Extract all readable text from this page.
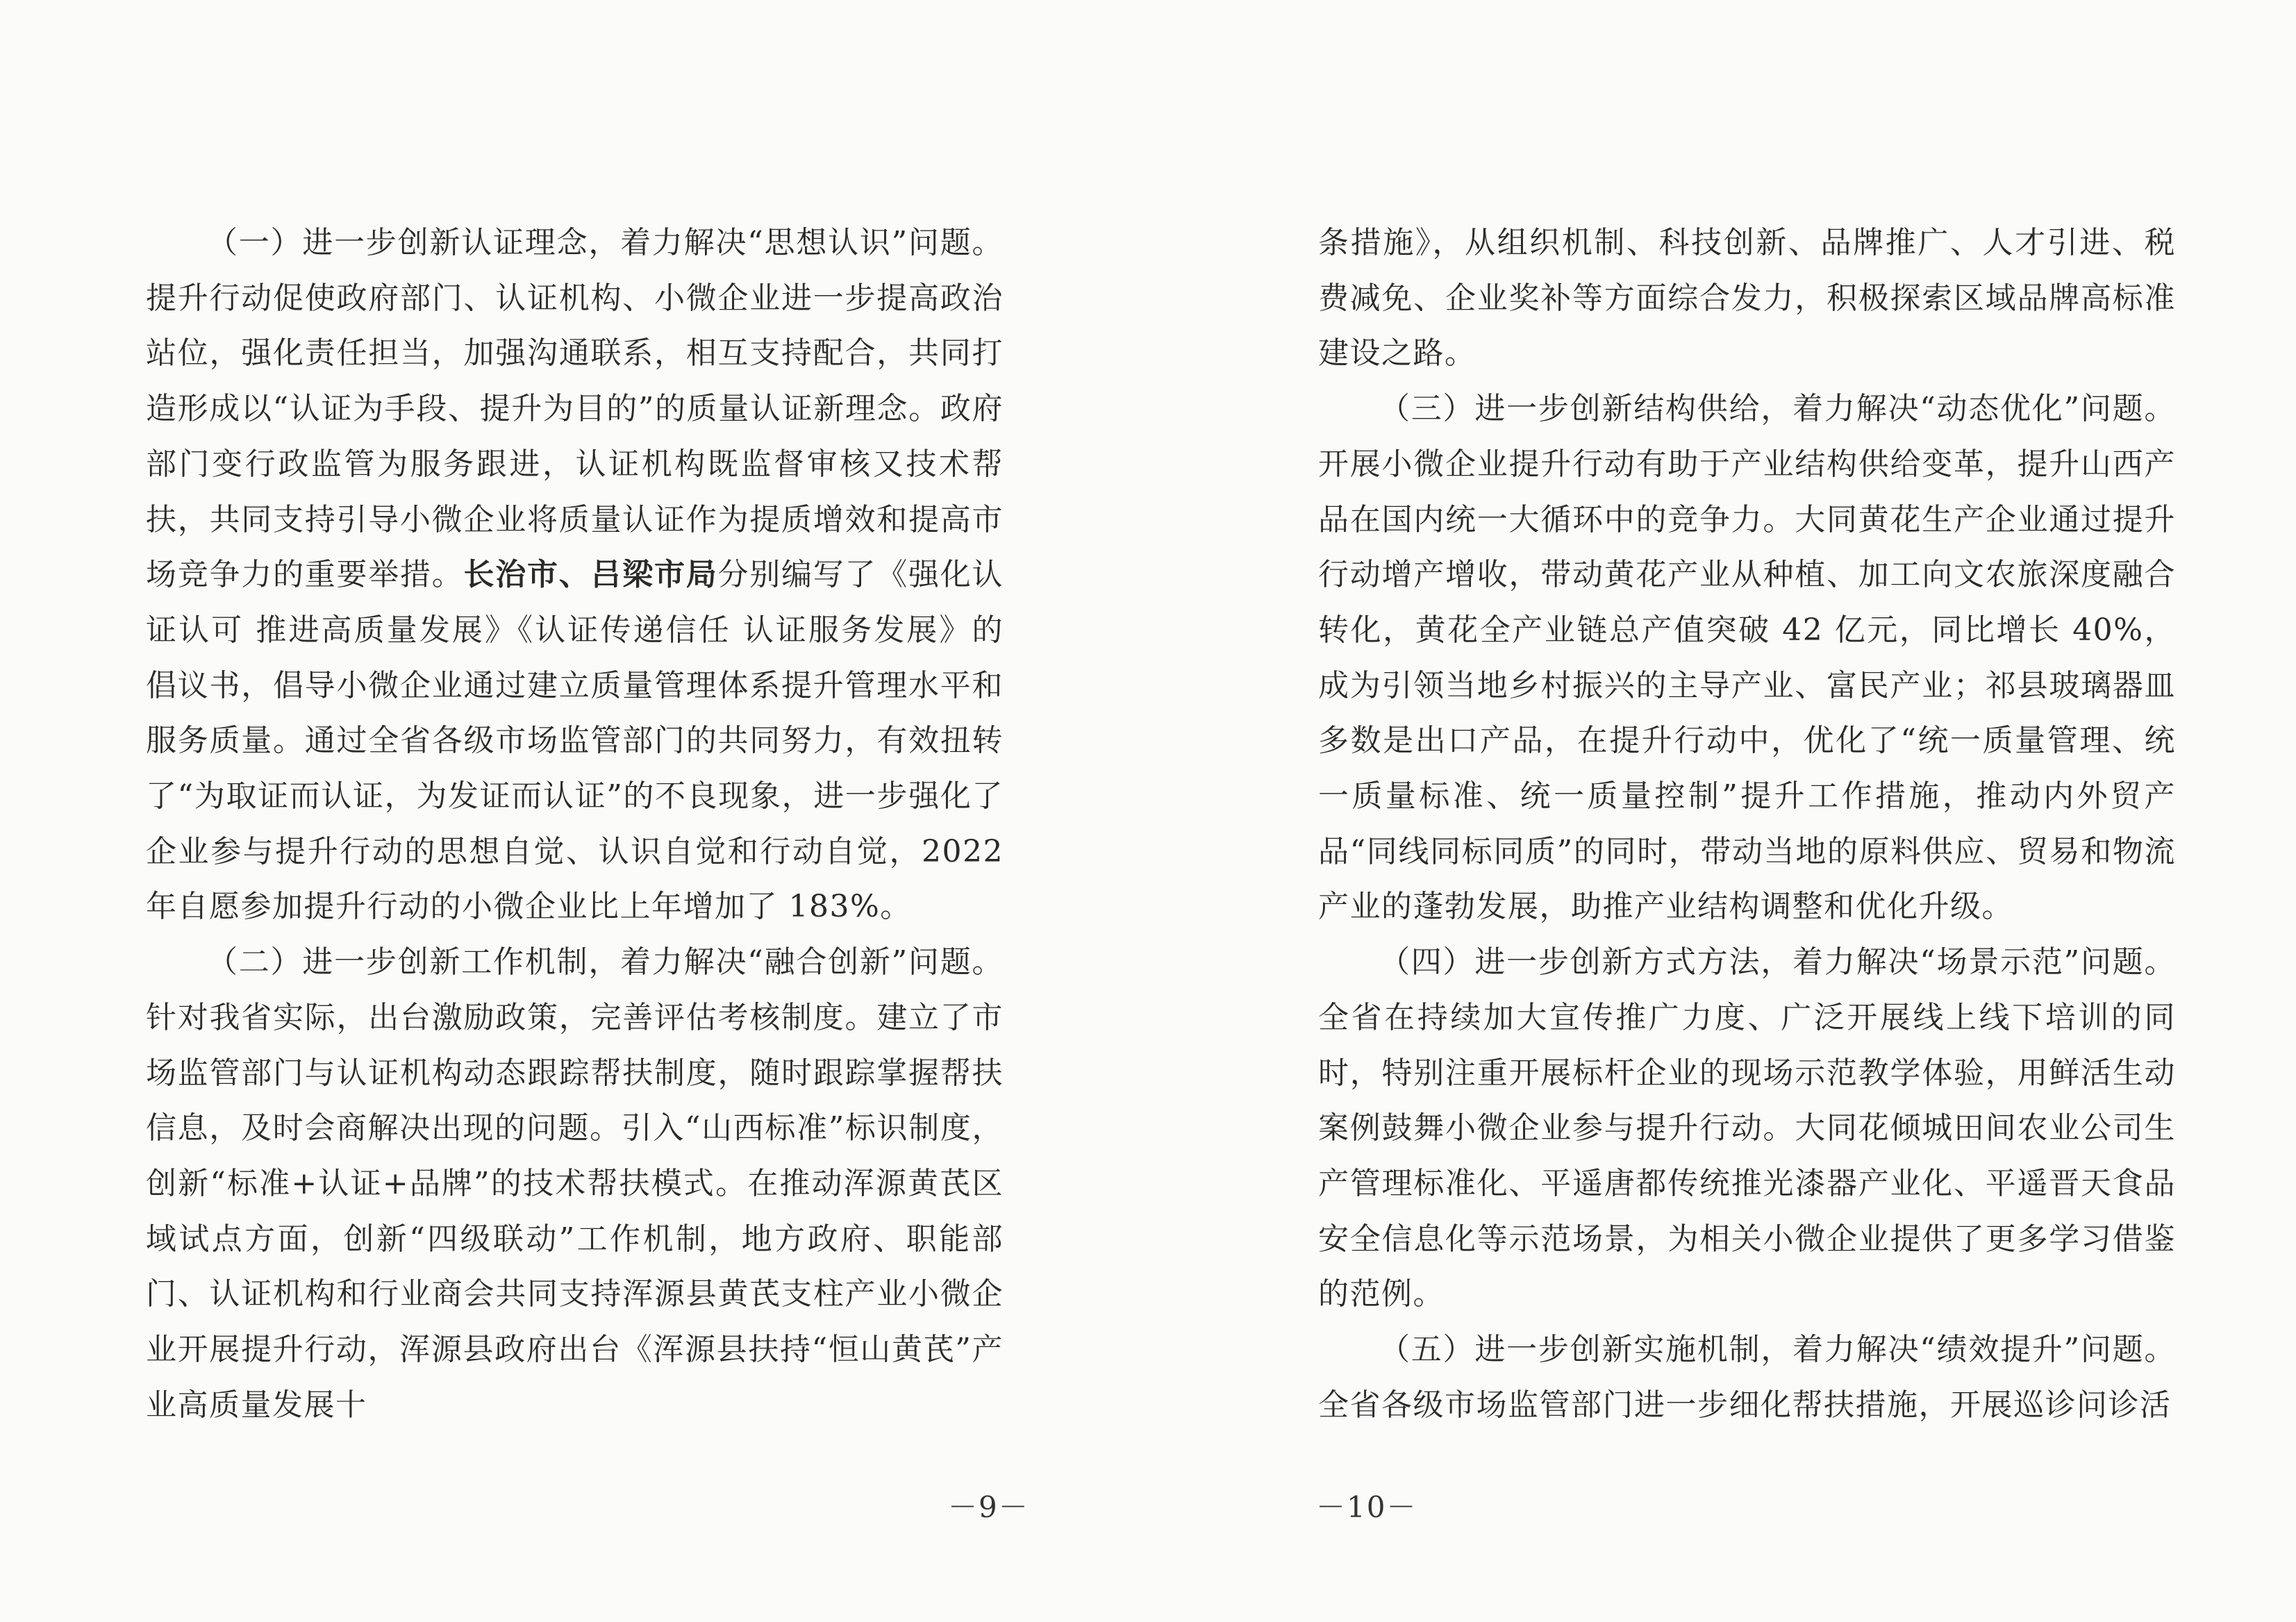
（一）进一步创新认证理念，着力解决“思想认识”问题。提升行动促使政府部门、认证机构、小微企业进一步提高政治站位，强化责任担当，加强沟通联系，相互支持配合，共同打造形成以“认证为手段、提升为目的”的质量认证新理念。政府部门变行政监管为服务跟进，认证机构既监督审核又技术帮扶，共同支持引导小微企业将质量认证作为提质增效和提高市场竞争力的重要举措。长治市、吕梁市局分别编写了《强化认证认可 推进高质量发展》《认证传递信任 认证服务发展》的倡议书，倡导小微企业通过建立质量管理体系提升管理水平和服务质量。通过全省各级市场监管部门的共同努力，有效扭转了“为取证而认证，为发证而认证”的不良现象，进一步强化了企业参与提升行动的思想自觉、认识自觉和行动自觉，2022 年自愿参加提升行动的小微企业比上年增加了 183%。

（二）进一步创新工作机制，着力解决“融合创新”问题。针对我省实际，出台激励政策，完善评估考核制度。建立了市场监管部门与认证机构动态跟踪帮扶制度，随时跟踪掌握帮扶信息，及时会商解决出现的问题。引入“山西标准”标识制度，创新“标准+认证+品牌”的技术帮扶模式。在推动浑源黄芪区域试点方面，创新“四级联动”工作机制，地方政府、职能部门、认证机构和行业商会共同支持浑源县黄芪支柱产业小微企业开展提升行动，浑源县政府出台《浑源县扶持“恒山黄芪”产业高质量发展十

－9－

条措施》，从组织机制、科技创新、品牌推广、人才引进、税费减免、企业奖补等方面综合发力，积极探索区域品牌高标准建设之路。

（三）进一步创新结构供给，着力解决“动态优化”问题。开展小微企业提升行动有助于产业结构供给变革，提升山西产品在国内统一大循环中的竞争力。大同黄花生产企业通过提升行动增产增收，带动黄花产业从种植、加工向文农旅深度融合转化，黄花全产业链总产值突破 42 亿元，同比增长 40%，成为引领当地乡村振兴的主导产业、富民产业；祁县玻璃器皿多数是出口产品，在提升行动中，优化了“统一质量管理、统一质量标准、统一质量控制”提升工作措施，推动内外贸产品“同线同标同质”的同时，带动当地的原料供应、贸易和物流产业的蓬勃发展，助推产业结构调整和优化升级。

（四）进一步创新方式方法，着力解决“场景示范”问题。全省在持续加大宣传推广力度、广泛开展线上线下培训的同时，特别注重开展标杆企业的现场示范教学体验，用鲜活生动案例鼓舞小微企业参与提升行动。大同花倾城田间农业公司生产管理标准化、平遥唐都传统推光漆器产业化、平遥晋天食品安全信息化等示范场景，为相关小微企业提供了更多学习借鉴的范例。

（五）进一步创新实施机制，着力解决“绩效提升”问题。全省各级市场监管部门进一步细化帮扶措施，开展巡诊问诊活

－10－
